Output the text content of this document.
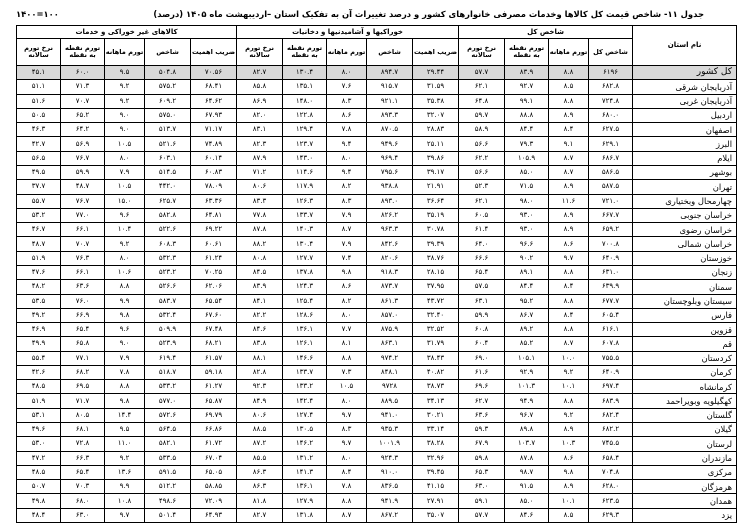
جدول ۱۱- شاخص قیمت کل کالاها وخدمات مصرفی خانوارهای کشور و درصد تغییرات آن به تفکیک استان –اردیبهشت ماه ۱۴۰۵ (درصد)
۱۴۰۰=۱۰۰
نام استان	شاخص کل				خوراکیها و آشامیدنیها و دخانیات					کالاهای غیر خوراکی و خدمات				
	شاخص کل	تورم ماهانه	تورم نقطه به نقطه	نرخ تورم سالانه	ضریب اهمیت	شاخص	تورم ماهانه	تورم نقطه به نقطه	نرخ تورم سالانه	ضریب اهمیت	شاخص	تورم ماهانه	تورم نقطه به نقطه	نرخ تورم سالانه
کل کشور	۶۱۹۶	۸.۸	۸۳.۹	۵۷.۷	۲۹.۴۴	۸۹۴.۷	۸.۰	۱۳۰.۴	۸۲.۷	۷۰.۵۶	۵۰۴.۸	۹.۵	۶۰.۰	۴۵.۱
آذربایجان شرقی	۶۸۲.۸	۸.۵	۹۲.۷	۶۲.۱	۳۱.۵۹	۹۱۵.۷	۷.۶	۱۳۵.۱	۸۵.۸	۶۸.۴۱	۵۷۵.۲	۹.۲	۷۱.۳	۵۱.۱
آذربایجان غربی	۷۲۴.۸	۸.۸	۹۹.۱	۶۴.۸	۳۵.۳۸	۹۲۱.۱	۸.۳	۱۴۸.۰	۸۶.۹	۶۴.۶۲	۶۰۹.۲	۹.۲	۷۰.۷	۵۱.۶
اردبیل	۶۸۰.۰	۸.۹	۸۸.۸	۵۹.۷	۳۲.۰۷	۸۹۳.۳	۸.۶	۱۲۲.۸	۸۲.۰	۶۷.۹۳	۵۷۵.۰	۹.۰	۶۵.۲	۵۰.۵
اصفهان	۶۲۷.۵	۸.۴	۸۴.۴	۵۸.۹	۲۸.۸۳	۸۷۰.۵	۷.۸	۱۲۹.۴	۸۳.۱	۷۱.۱۷	۵۱۳.۷	۹.۰	۶۴.۲	۴۶.۳
البرز	۶۲۹.۱	۹.۱	۷۹.۳	۵۶.۶	۲۵.۱۱	۹۴۹.۶	۹.۴	۱۲۳.۷	۸۲.۳	۷۴.۸۹	۵۲۱.۶	۱۰.۵	۵۶.۹	۴۲.۷
ایلام	۶۸۶.۷	۸.۷	۱۰۵.۹	۶۲.۲	۳۹.۸۶	۹۶۹.۴	۸.۰	۱۴۳.۰	۸۷.۹	۶۰.۱۴	۶۰۳.۱	۸.۰	۷۶.۷	۵۶.۵
بوشهر	۵۸۶.۵	۸.۷	۸۵.۰	۵۶.۶	۳۹.۱۷	۷۹۵.۶	۹.۴	۱۱۴.۶	۷۱.۲	۶۰.۸۳	۵۱۴.۵	۷.۹	۵۹.۹	۴۹.۵
تهران	۵۸۷.۵	۸.۹	۷۱.۵	۵۲.۳	۲۱.۹۱	۹۳۸.۸	۸.۲	۱۱۷.۹	۸۰.۶	۷۸.۰۹	۴۴۲.۰	۱۰.۵	۴۸.۷	۳۷.۷
چهارمحال وبختیاری	۷۲۱.۰	۱۱.۶	۹۸.۰	۶۲.۱	۳۶.۶۴	۸۹۳.۰	۸.۳	۱۲۶.۳	۸۳.۳	۶۳.۳۶	۶۲۵.۷	۱۵.۰	۷۶.۷	۵۵.۷
خراسان جنوبی	۶۶۷.۷	۸.۹	۹۳.۰	۶۰.۵	۳۵.۱۹	۸۲۶.۲	۷.۹	۱۳۳.۷	۷۷.۸	۶۴.۸۱	۵۸۲.۸	۹.۶	۷۷.۰	۵۳.۲
خراسان رضوی	۶۵۹.۲	۸.۹	۹۳.۰	۶۱.۴	۳۰.۷۸	۹۶۳.۳	۸.۷	۱۴۰.۳	۸۷.۸	۶۹.۲۲	۵۲۲.۶	۱۰.۴	۶۶.۱	۴۶.۷
خراسان شمالی	۷۰۰.۸	۸.۶	۹۶.۶	۶۴.۰	۳۹.۳۹	۸۴۲.۶	۷.۹	۱۳۰.۴	۸۸.۲	۶۰.۶۱	۶۰۸.۳	۹.۲	۷۰.۷	۴۸.۷
خوزستان	۶۴۰.۹	۹.۷	۹۰.۲	۶۶.۶	۳۸.۷۶	۸۲۰.۶	۷.۴	۱۲۷.۷	۸۰.۸	۶۱.۲۴	۵۳۲.۳	۸.۰	۷۶.۳	۵۱.۹
زنجان	۶۳۱.۰	۸.۸	۸۹.۱	۶۵.۴	۲۸.۱۵	۹۱۸.۳	۹.۸	۱۳۷.۸	۸۴.۵	۷۰.۲۵	۵۲۳.۲	۱۰.۶	۶۶.۱	۴۷.۶
سمنان	۶۳۹.۹	۸.۴	۸۴.۴	۵۷.۵	۳۷.۹۵	۸۷۳.۷	۸.۶	۱۲۴.۳	۸۳.۹	۶۲.۰۶	۵۲۶.۶	۸.۸	۶۳.۶	۴۸.۲
سیستان وبلوچستان	۶۷۷.۷	۸.۸	۹۵.۲	۶۳.۱	۴۳.۷۲	۸۶۱.۳	۸.۲	۱۲۵.۴	۸۴.۱	۶۵.۵۴	۵۸۳.۷	۹.۹	۷۶.۰	۵۳.۵
فارس	۶۰۵.۴	۸.۴	۸۶.۷	۵۹.۹	۳۲.۴۰	۸۵۷.۰	۸.۰	۱۲۸.۶	۸۲.۲	۶۷.۶۰	۵۳۲.۴	۹.۸	۶۶.۹	۴۹.۲
قزوین	۶۱۶.۱	۸.۸	۸۹.۲	۶۰.۸	۳۲.۵۲	۸۷۵.۹	۷.۷	۱۳۶.۱	۸۴.۶	۶۷.۴۸	۵۰۹.۹	۹.۶	۶۵.۴	۴۶.۹
قم	۶۰۷.۸	۸.۷	۸۵.۲	۶۰.۴	۳۱.۷۹	۸۶۳.۱	۸.۱	۱۲۶.۱	۸۳.۸	۶۸.۲۱	۵۲۳.۹	۹.۰	۶۵.۸	۴۹.۹
کردستان	۷۵۵.۵	۱۰.۰	۱۰۵.۱	۶۹.۰	۳۸.۴۳	۹۷۴.۲	۸.۸	۱۴۶.۶	۸۸.۱	۶۱.۵۷	۶۱۹.۴	۷.۹	۷۷.۱	۵۵.۴
کرمان	۶۴۰.۹	۹.۲	۹۲.۹	۶۱.۶	۴۰.۸۲	۸۴۸.۱	۷.۳	۱۳۳.۷	۸۲.۸	۵۹.۱۸	۵۱۸.۷	۷.۸	۶۸.۲	۴۲.۶
کرمانشاه	۶۹۷.۴	۱۰.۱	۱۰۱.۳	۶۹.۶	۳۸.۷۳	۹۷۲۸	۱۰.۵	۱۳۳.۲	۹۲.۳	۶۱.۲۷	۵۳۳.۲	۸.۸	۶۹.۵	۴۸.۵
کهگیلویه وبویراحمد	۶۸۳.۹	۸.۸	۹۴.۹	۶۲.۷	۳۴.۱۳	۸۸۹.۵	۸.۰	۱۴۲.۴	۸۴.۹	۶۵.۸۷	۵۷۷.۰	۹.۸	۷۱.۷	۵۱.۹
گلستان	۶۸۲.۴	۹.۲	۹۶.۷	۶۳.۶	۳۰.۲۱	۹۴۱.۰	۹.۷	۱۲۷.۴	۸۰.۶	۶۹.۷۹	۵۷۲.۶	۱۴.۴	۸۰.۵	۵۳.۱
گیلان	۶۸۲.۲	۸.۹	۸۹.۸	۵۹.۳	۳۳.۱۴	۹۳۵.۳	۸.۳	۱۳۰.۵	۸۸.۵	۶۶.۸۶	۵۶۴.۵	۹.۵	۶۸.۱	۴۹.۶
لرستان	۷۴۵.۵	۱۰.۳	۱۰۳.۷	۶۷.۹	۳۸.۲۸	۱۰۰۱.۹	۹.۷	۱۴۶.۲	۸۷.۲	۶۱.۷۲	۵۸۲.۱	۱۱.۰	۷۲.۸	۵۳.۰
مازندران	۶۵۸.۴	۸.۶	۸۷.۸	۵۹.۸	۳۲.۹۶	۹۲۴.۳	۸.۰	۱۳۱.۲	۸۵.۵	۶۷.۰۴	۵۳۳.۵	۹.۲	۶۶.۳	۴۷.۲
مرکزی	۷۰۴.۸	۹.۸	۹۸.۷	۶۵.۳	۳۹.۴۵	۹۱۰.۰	۸.۴	۱۴۱.۳	۸۶.۳	۶۵.۰۵	۵۹۱.۵	۱۳.۶	۶۵.۴	۴۸.۵
هرمزگان	۶۲۸.۰	۸.۹	۹۱.۵	۶۳.۰	۴۱.۱۵	۸۳۶.۵	۷.۸	۱۳۶.۱	۸۶.۳	۵۸.۸۵	۵۱۲.۲	۹.۹	۷۰.۳	۵۰.۷
همدان	۶۲۳.۵	۱۰.۱	۸۵.۰	۵۹.۱	۲۷.۹۱	۹۴۱.۹	۸.۸	۱۲۷.۹	۸۱.۸	۷۲.۰۹	۴۹۸.۶	۱۰.۸	۶۸.۰	۴۹.۸
یزد	۶۲۹.۳	۸.۵	۸۴.۶	۵۷.۷	۳۵.۰۷	۸۶۷.۲	۸.۷	۱۳۱.۸	۸۲.۷	۶۴.۹۳	۵۰۱.۴	۹.۷	۶۳.۰	۴۸.۴
